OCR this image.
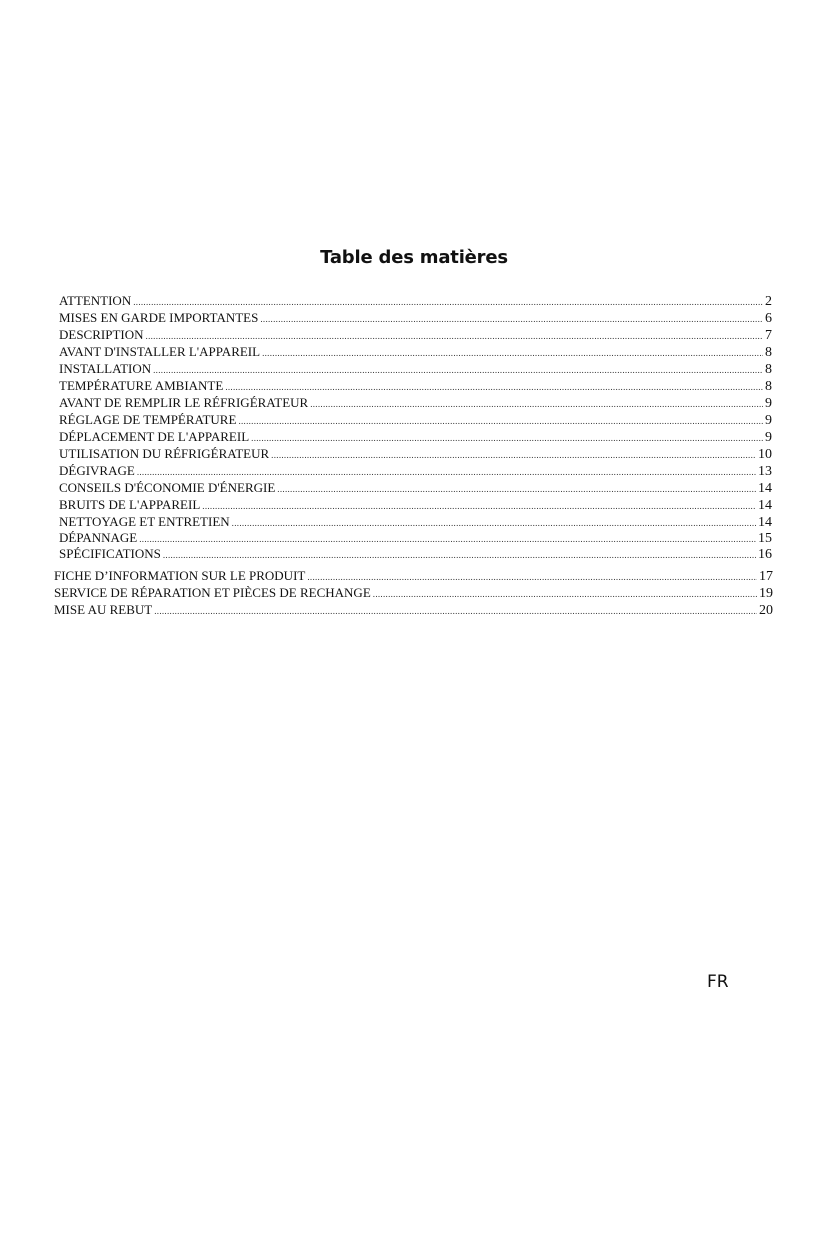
Table des matières
ATTENTION .....	2
MISES EN GARDE IMPORTANTES .....	6
DESCRIPTION .....	7
AVANT D'INSTALLER L'APPAREIL .....	8
INSTALLATION .....	8
TEMPÉRATURE AMBIANTE .....	8
AVANT DE REMPLIR LE RÉFRIGÉRATEUR .....	9
RÉGLAGE DE TEMPÉRATURE .....	9
DÉPLACEMENT DE L'APPAREIL .....	9
UTILISATION DU RÉFRIGÉRATEUR .....	10
DÉGIVRAGE .....	13
CONSEILS D'ÉCONOMIE D'ÉNERGIE .....	14
BRUITS DE L'APPAREIL .....	14
NETTOYAGE ET ENTRETIEN .....	14
DÉPANNAGE .....	15
SPÉCIFICATIONS .....	16
FICHE D’INFORMATION SUR LE PRODUIT .....	17
SERVICE DE RÉPARATION ET PIÈCES DE RECHANGE .....	19
MISE AU REBUT .....	20
FR
